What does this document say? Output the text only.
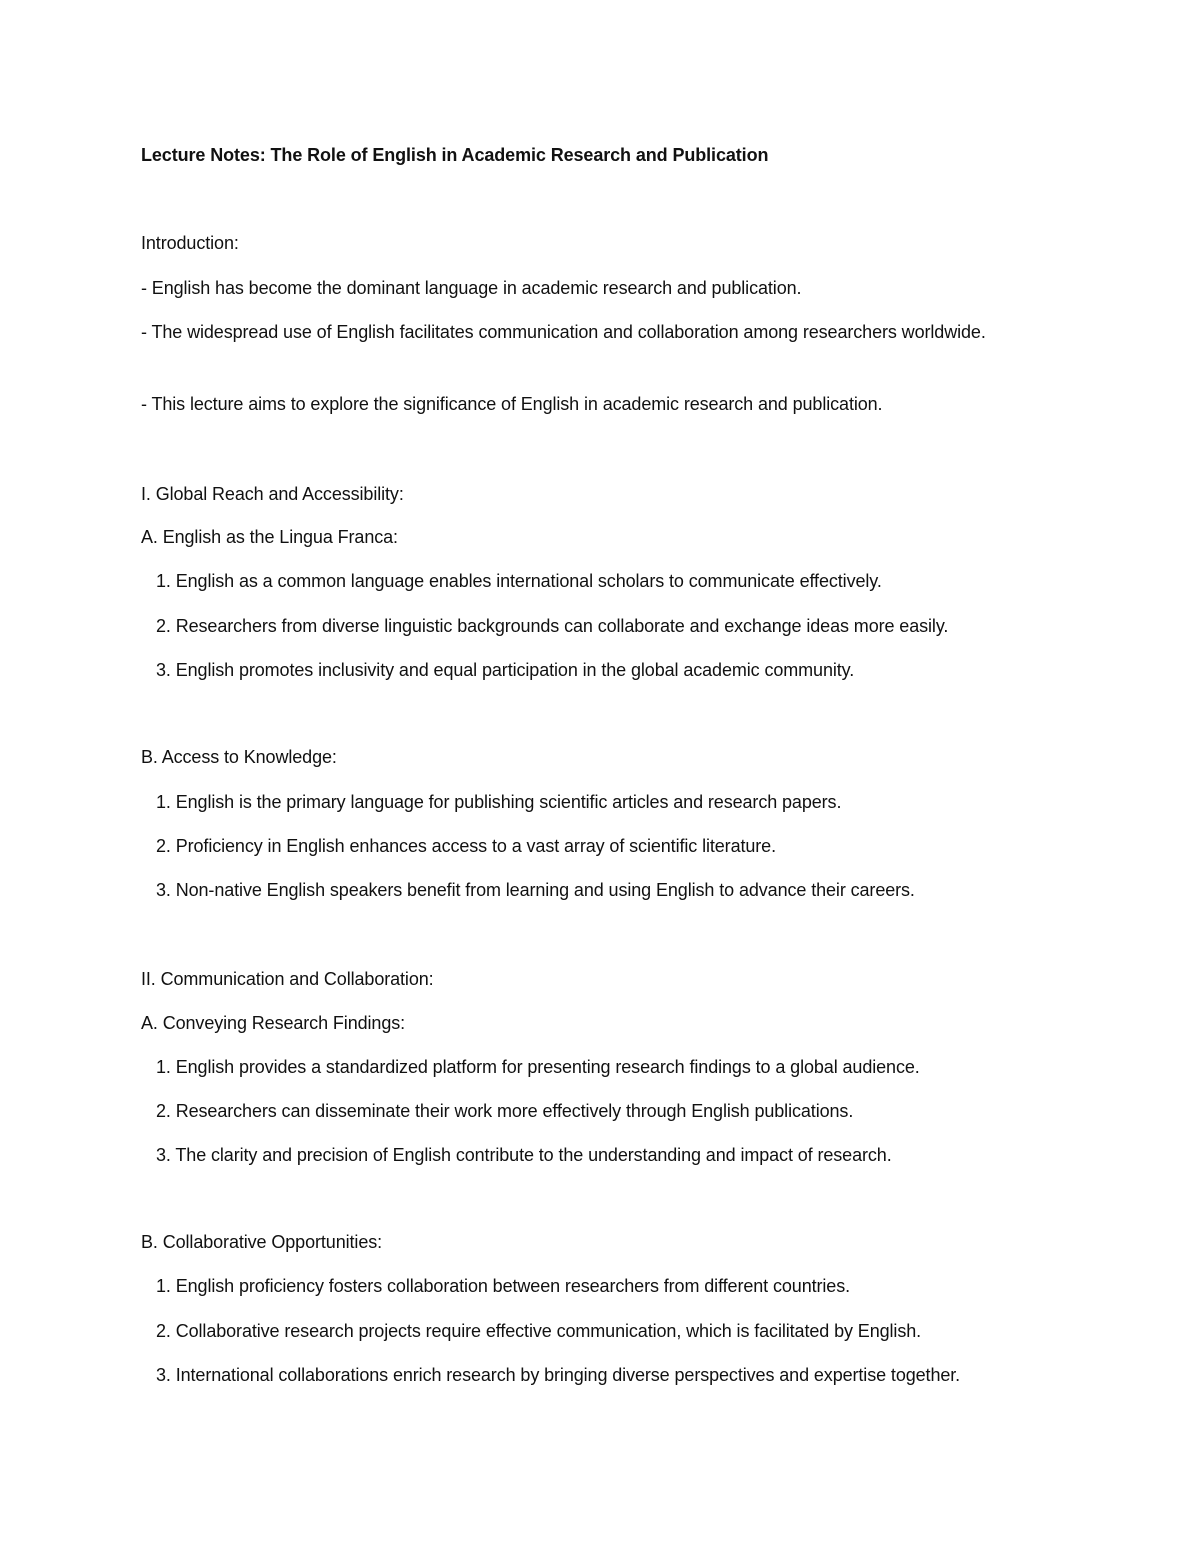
Lecture Notes: The Role of English in Academic Research and Publication
Introduction:
- English has become the dominant language in academic research and publication.
- The widespread use of English facilitates communication and collaboration among researchers worldwide.
- This lecture aims to explore the significance of English in academic research and publication.
I. Global Reach and Accessibility:
A. English as the Lingua Franca:
1. English as a common language enables international scholars to communicate effectively.
2. Researchers from diverse linguistic backgrounds can collaborate and exchange ideas more easily.
3. English promotes inclusivity and equal participation in the global academic community.
B. Access to Knowledge:
1. English is the primary language for publishing scientific articles and research papers.
2. Proficiency in English enhances access to a vast array of scientific literature.
3. Non-native English speakers benefit from learning and using English to advance their careers.
II. Communication and Collaboration:
A. Conveying Research Findings:
1. English provides a standardized platform for presenting research findings to a global audience.
2. Researchers can disseminate their work more effectively through English publications.
3. The clarity and precision of English contribute to the understanding and impact of research.
B. Collaborative Opportunities:
1. English proficiency fosters collaboration between researchers from different countries.
2. Collaborative research projects require effective communication, which is facilitated by English.
3. International collaborations enrich research by bringing diverse perspectives and expertise together.
